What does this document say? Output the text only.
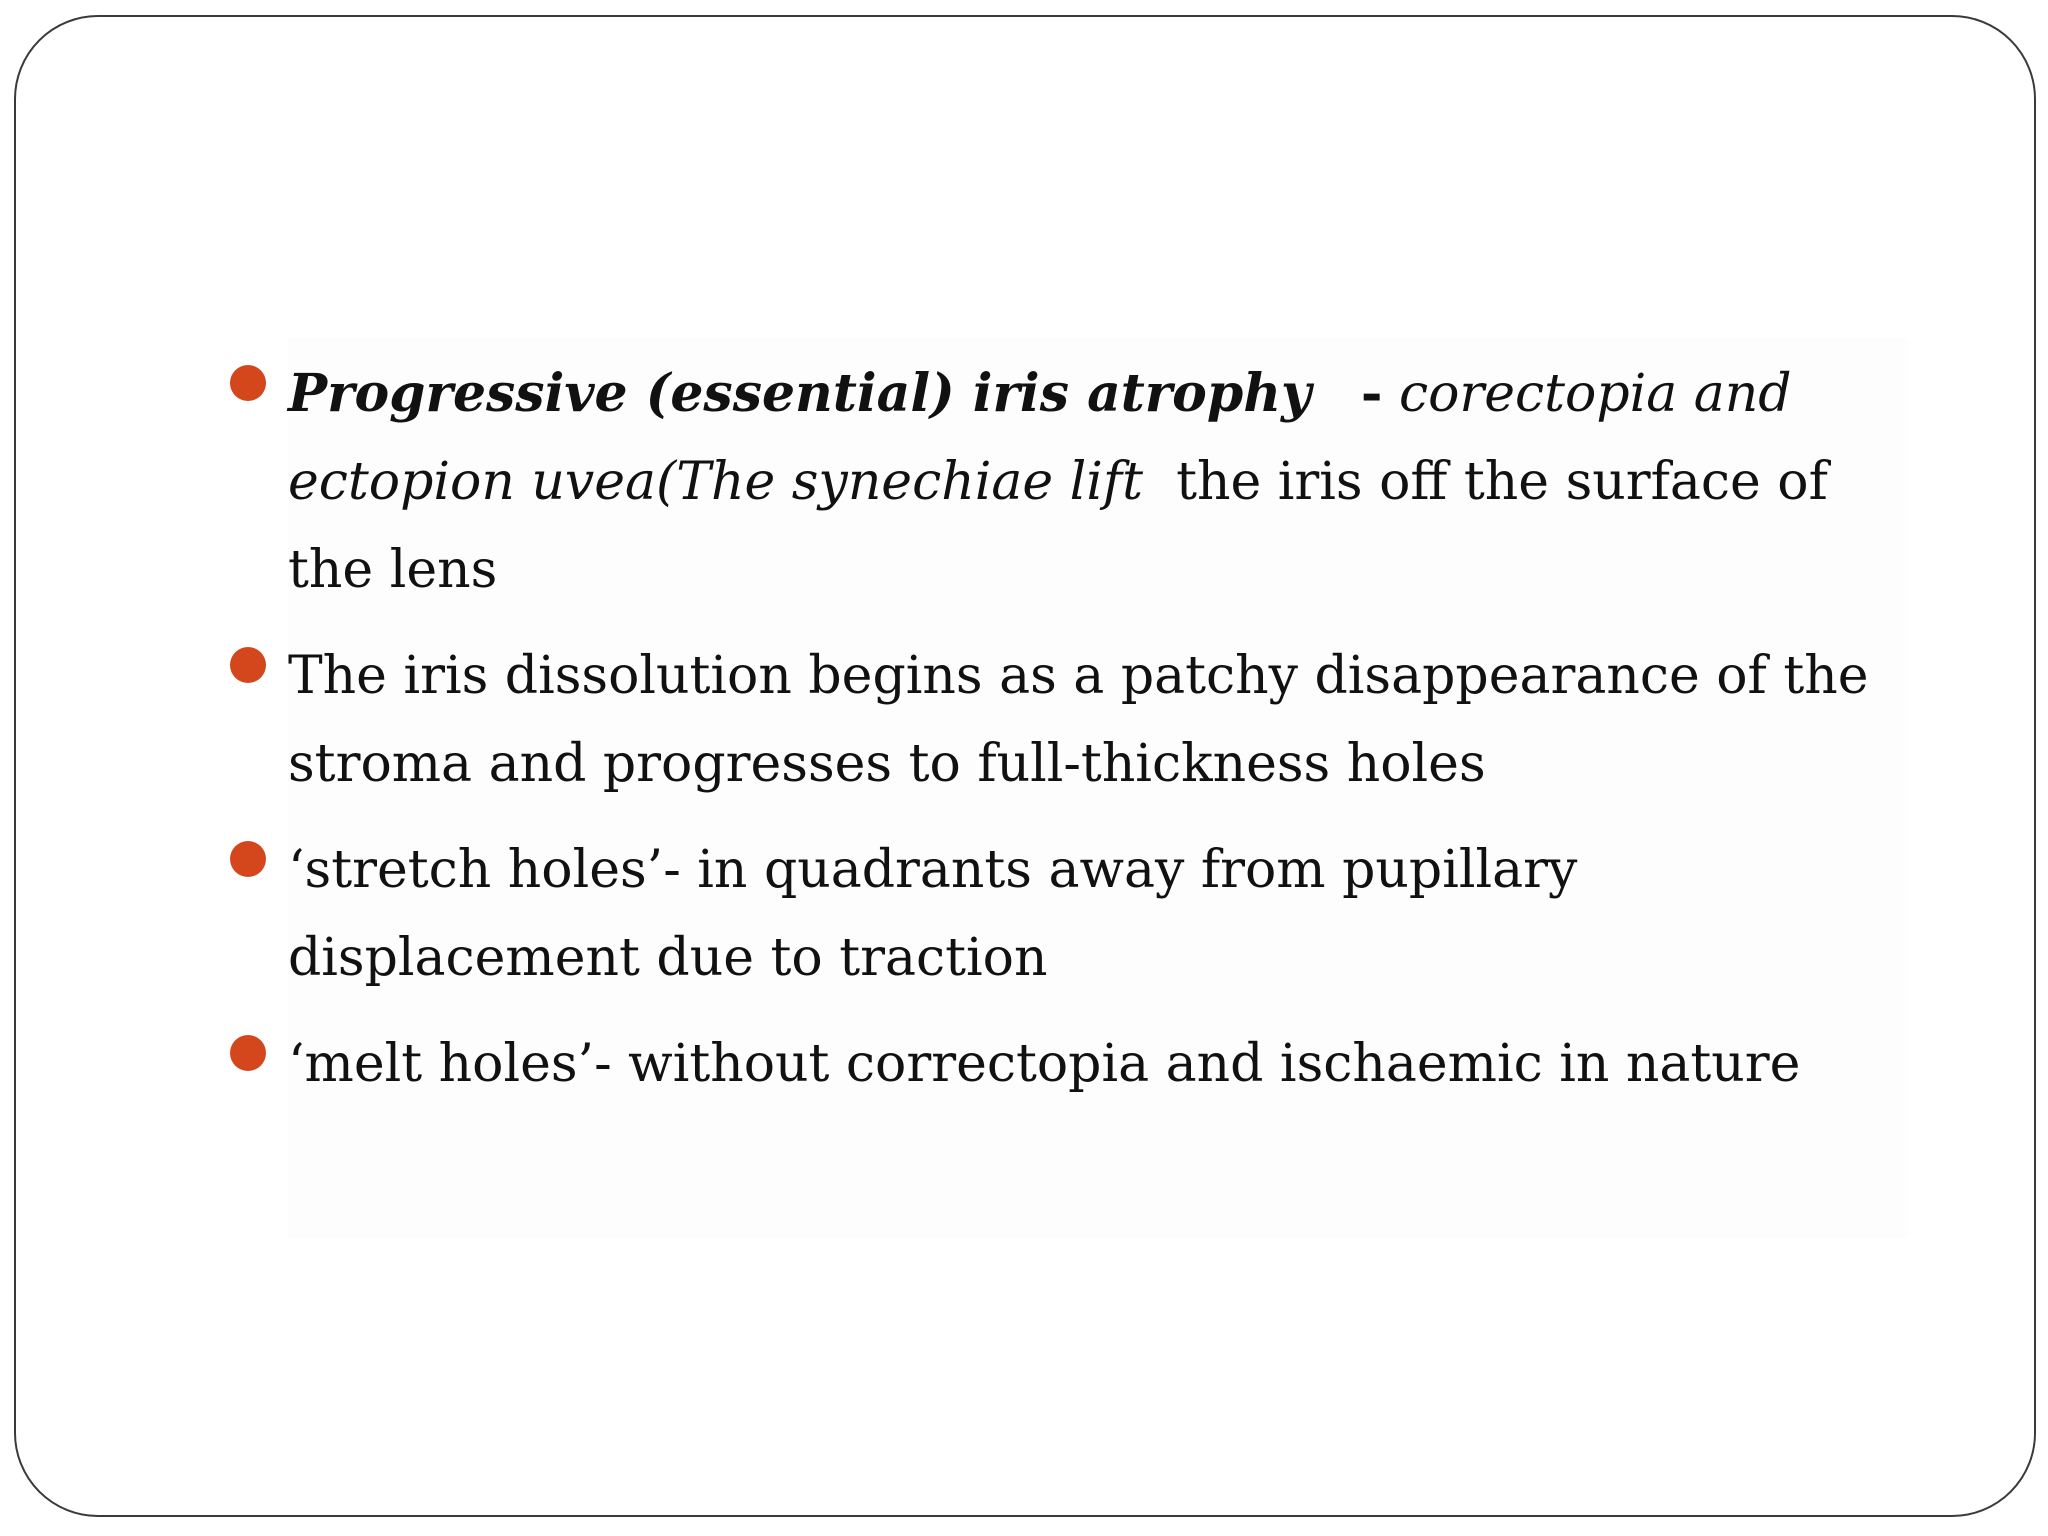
Progressive (essential) iris atrophy - corectopia and ectopion uvea(The synechiae lift the iris off the surface of the lens
The iris dissolution begins as a patchy disappearance of the stroma and progresses to full-thickness holes
‘stretch holes’- in quadrants away from pupillary displacement due to traction
‘melt holes’- without correctopia and ischaemic in nature
